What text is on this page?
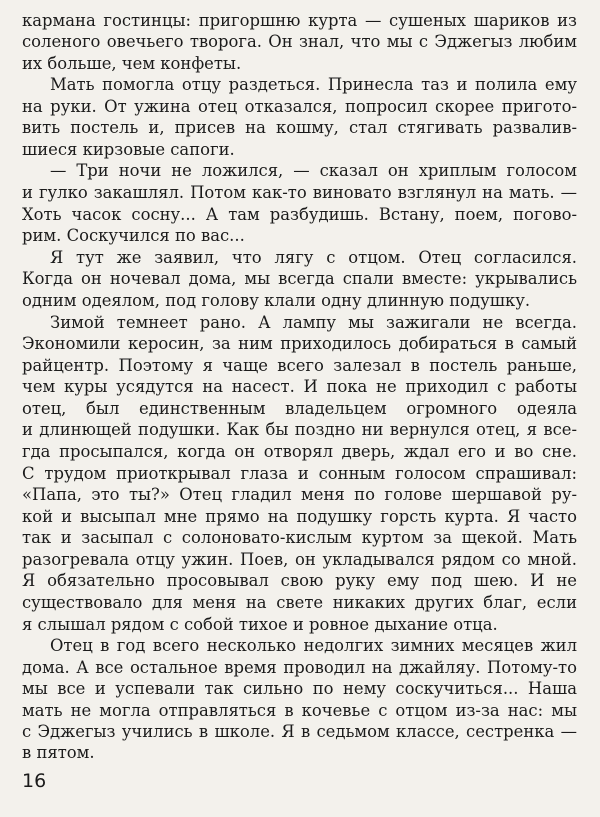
кармана гостинцы: пригоршню курта — сушеных шариков из

соленого овечьего творога. Он знал, что мы с Эджегыз любим

их больше, чем конфеты.

Мать помогла отцу раздеться. Принесла таз и полила ему

на руки. От ужина отец отказался, попросил скорее пригото-

вить постель и, присев на кошму, стал стягивать развалив-

шиеся кирзовые сапоги.

— Три ночи не ложился, — сказал он хриплым голосом

и гулко закашлял. Потом как-то виновато взглянул на мать. —

Хоть часок сосну... А там разбудишь. Встану, поем, погово-

рим. Соскучился по вас...

Я тут же заявил, что лягу с отцом. Отец согласился.

Когда он ночевал дома, мы всегда спали вместе: укрывались

одним одеялом, под голову клали одну длинную подушку.

Зимой темнеет рано. А лампу мы зажигали не всегда.

Экономили керосин, за ним приходилось добираться в самый

райцентр. Поэтому я чаще всего залезал в постель раньше,

чем куры усядутся на насест. И пока не приходил с работы

отец, был единственным владельцем огромного одеяла

и длинющей подушки. Как бы поздно ни вернулся отец, я все-

гда просыпался, когда он отворял дверь, ждал его и во сне.

С трудом приоткрывал глаза и сонным голосом спрашивал:

«Папа, это ты?» Отец гладил меня по голове шершавой ру-

кой и высыпал мне прямо на подушку горсть курта. Я часто

так и засыпал с солоновато-кислым куртом за щекой. Мать

разогревала отцу ужин. Поев, он укладывался рядом со мной.

Я обязательно просовывал свою руку ему под шею. И не

существовало для меня на свете никаких других благ, если

я слышал рядом с собой тихое и ровное дыхание отца.

Отец в год всего несколько недолгих зимних месяцев жил

дома. А все остальное время проводил на джайляу. Потому-то

мы все и успевали так сильно по нему соскучиться... Наша

мать не могла отправляться в кочевье с отцом из-за нас: мы

с Эджегыз учились в школе. Я в седьмом классе, сестренка —

в пятом.

16
